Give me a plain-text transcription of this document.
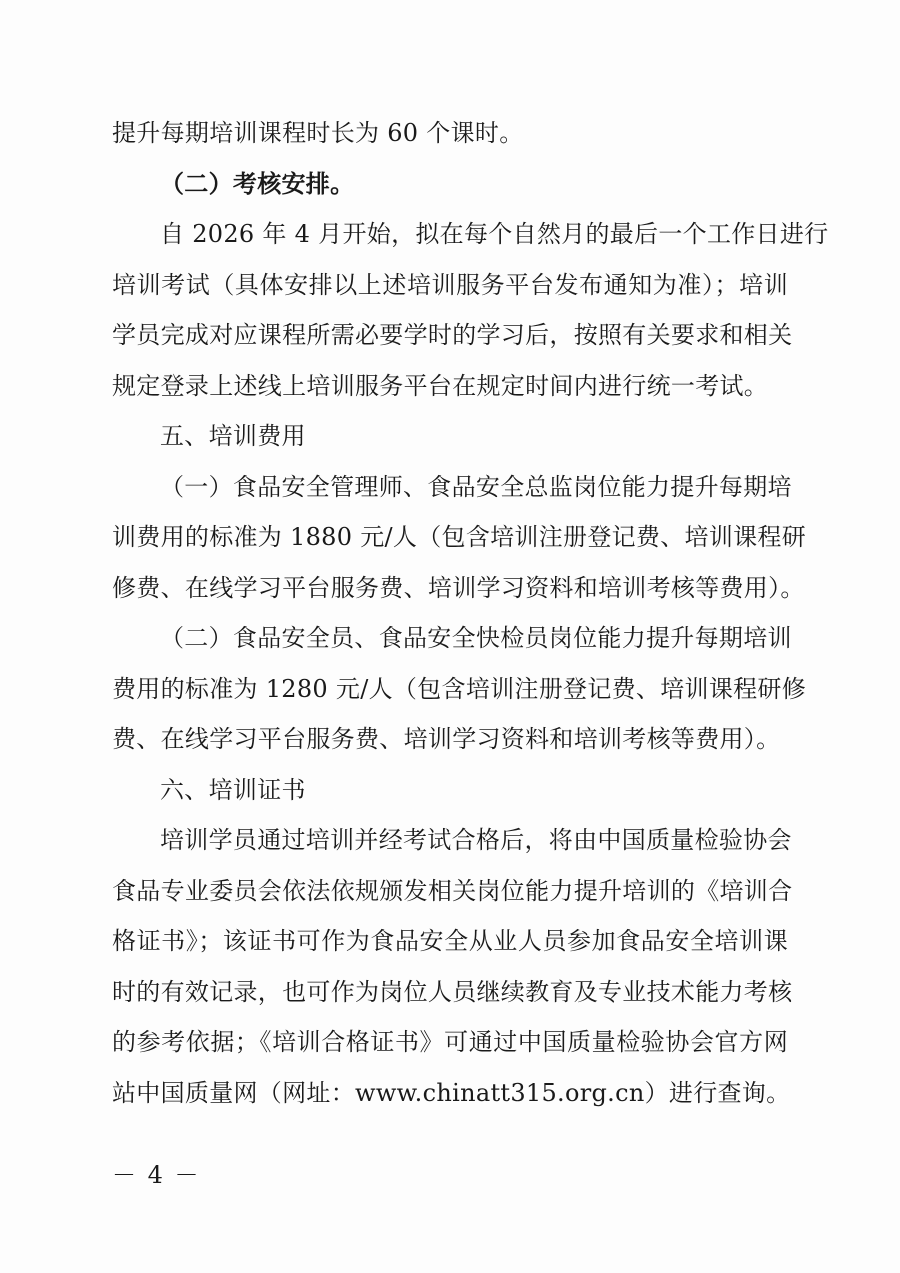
提升每期培训课程时长为 60 个课时。
（二）考核安排。
自 2026 年 4 月开始，拟在每个自然月的最后一个工作日进行
培训考试（具体安排以上述培训服务平台发布通知为准）；培训
学员完成对应课程所需必要学时的学习后，按照有关要求和相关
规定登录上述线上培训服务平台在规定时间内进行统一考试。
五、培训费用
（一）食品安全管理师、食品安全总监岗位能力提升每期培
训费用的标准为 1880 元/人（包含培训注册登记费、培训课程研
修费、在线学习平台服务费、培训学习资料和培训考核等费用）。
（二）食品安全员、食品安全快检员岗位能力提升每期培训
费用的标准为 1280 元/人（包含培训注册登记费、培训课程研修
费、在线学习平台服务费、培训学习资料和培训考核等费用）。
六、培训证书
培训学员通过培训并经考试合格后，将由中国质量检验协会
食品专业委员会依法依规颁发相关岗位能力提升培训的《培训合
格证书》；该证书可作为食品安全从业人员参加食品安全培训课
时的有效记录，也可作为岗位人员继续教育及专业技术能力考核
的参考依据；《培训合格证书》可通过中国质量检验协会官方网
站中国质量网（网址：www.chinatt315.org.cn）进行查询。
－ 4 －
